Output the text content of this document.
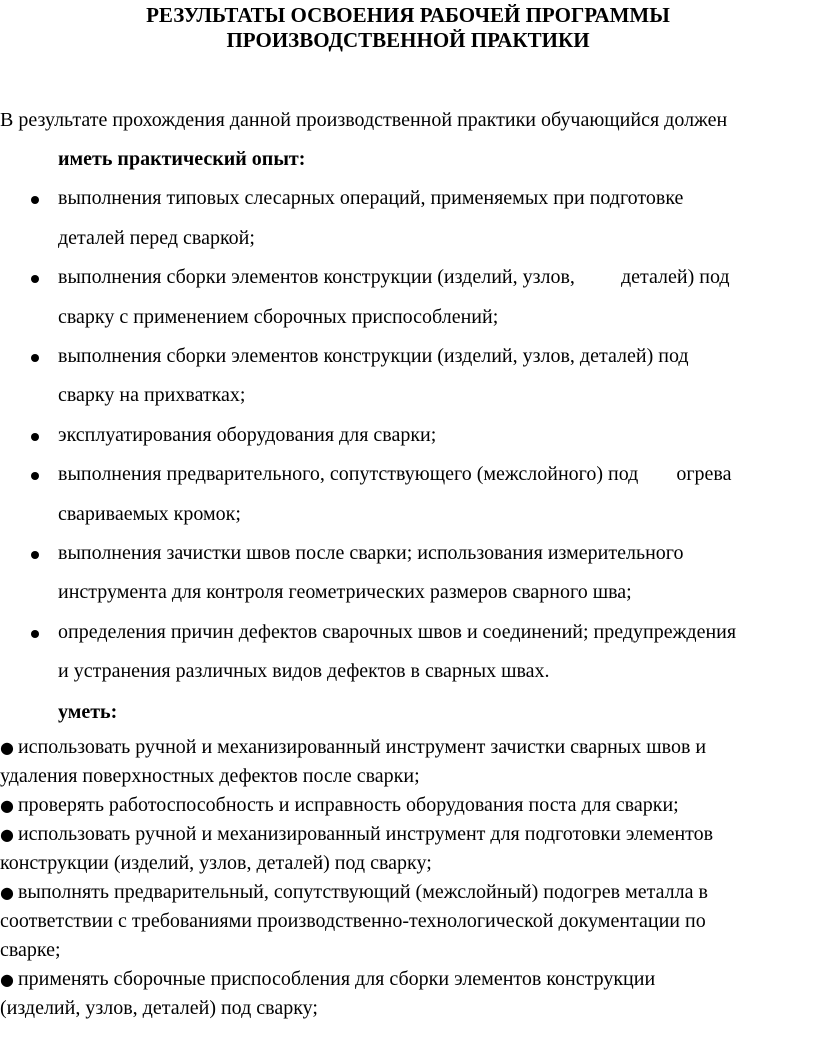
РЕЗУЛЬТАТЫ ОСВОЕНИЯ РАБОЧЕЙ ПРОГРАММЫ
ПРОИЗВОДСТВЕННОЙ ПРАКТИКИ
В результате прохождения данной производственной практики обучающийся должен
иметь практический опыт:
выполнения типовых слесарных операций, применяемых при подготовке
деталей перед сваркой;
выполнения сборки элементов конструкции (изделий, узлов, деталей) под
сварку с применением сборочных приспособлений;
выполнения сборки элементов конструкции (изделий, узлов, деталей) под
сварку на прихватках;
эксплуатирования оборудования для сварки;
выполнения предварительного, сопутствующего (межслойного) под огрева
свариваемых кромок;
выполнения зачистки швов после сварки; использования измерительного
инструмента для контроля геометрических размеров сварного шва;
определения причин дефектов сварочных швов и соединений; предупреждения
и устранения различных видов дефектов в сварных швах.
уметь:
● использовать ручной и механизированный инструмент зачистки сварных швов и
удаления поверхностных дефектов после сварки;
● проверять работоспособность и исправность оборудования поста для сварки;
● использовать ручной и механизированный инструмент для подготовки элементов
конструкции (изделий, узлов, деталей) под сварку;
● выполнять предварительный, сопутствующий (межслойный) подогрев металла в
соответствии с требованиями производственно-технологической документации по
сварке;
● применять сборочные приспособления для сборки элементов конструкции
(изделий, узлов, деталей) под сварку;
